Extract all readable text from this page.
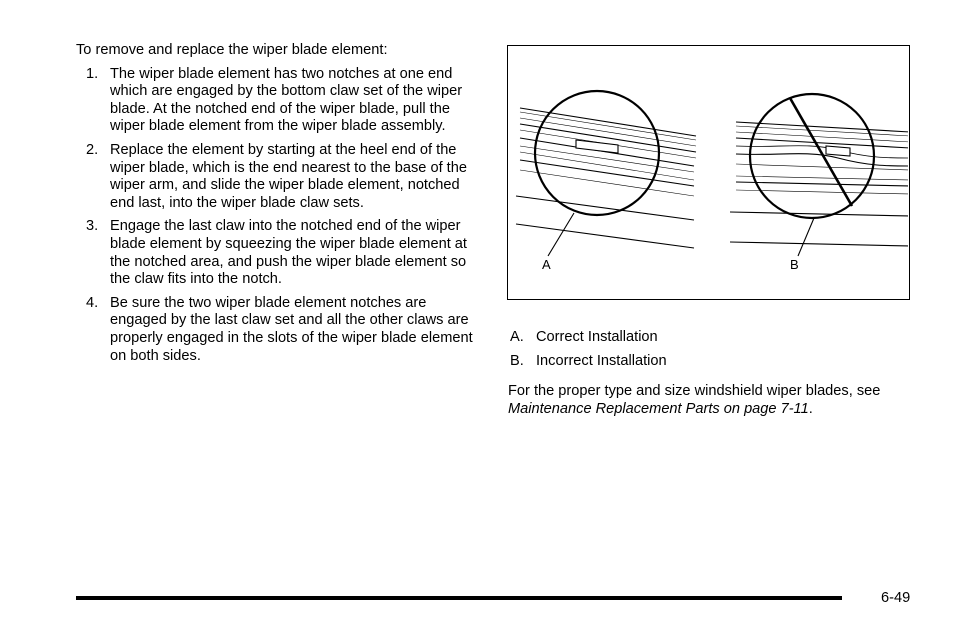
To remove and replace the wiper blade element:

1. The wiper blade element has two notches at one end which are engaged by the bottom claw set of the wiper blade. At the notched end of the wiper blade, pull the wiper blade element from the wiper blade assembly.
2. Replace the element by starting at the heel end of the wiper blade, which is the end nearest to the base of the wiper arm, and slide the wiper blade element, notched end last, into the wiper blade claw sets.
3. Engage the last claw into the notched end of the wiper blade element by squeezing the wiper blade element at the notched area, and push the wiper blade element so the claw fits into the notch.
4. Be sure the two wiper blade element notches are engaged by the last claw set and all the other claws are properly engaged in the slots of the wiper blade element on both sides.
A	B
A. Correct Installation
B. Incorrect Installation

For the proper type and size windshield wiper blades, see Maintenance Replacement Parts on page 7-11.

6-49
